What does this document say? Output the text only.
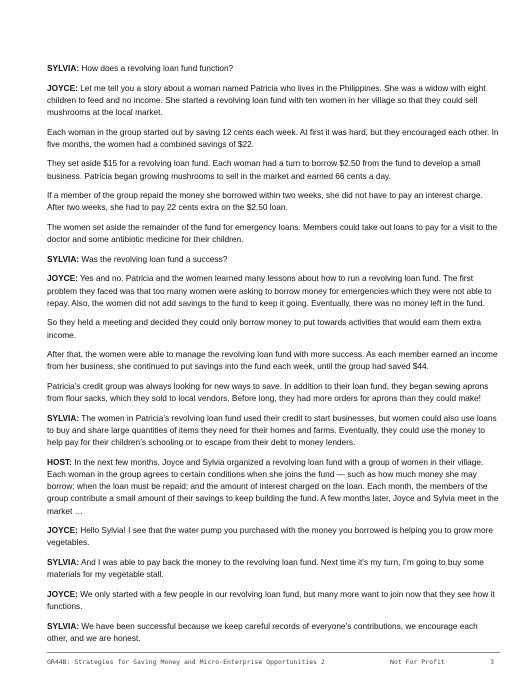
SYLVIA: How does a revolving loan fund function?

JOYCE: Let me tell you a story about a woman named Patricia who lives in the Philippines. She was a widow with eight children to feed and no income. She started a revolving loan fund with ten women in her village so that they could sell mushrooms at the local market.

Each woman in the group started out by saving 12 cents each week. At first it was hard, but they encouraged each other. In five months, the women had a combined savings of $22.

They set aside $15 for a revolving loan fund. Each woman had a turn to borrow $2.50 from the fund to develop a small business. Patricia began growing mushrooms to sell in the market and earned 66 cents a day.

If a member of the group repaid the money she borrowed within two weeks, she did not have to pay an interest charge. After two weeks, she had to pay 22 cents extra on the $2.50 loan.

The women set aside the remainder of the fund for emergency loans. Members could take out loans to pay for a visit to the doctor and some antibiotic medicine for their children.

SYLVIA: Was the revolving loan fund a success?

JOYCE: Yes and no. Patricia and the women learned many lessons about how to run a revolving loan fund. The first problem they faced was that too many women were asking to borrow money for emergencies which they were not able to repay. Also, the women did not add savings to the fund to keep it going. Eventually, there was no money left in the fund.

So they held a meeting and decided they could only borrow money to put towards activities that would earn them extra income.

After that, the women were able to manage the revolving loan fund with more success. As each member earned an income from her business, she continued to put savings into the fund each week, until the group had saved $44.

Patricia’s credit group was always looking for new ways to save. In addition to their loan fund, they began sewing aprons from flour sacks, which they sold to local vendors. Before long, they had more orders for aprons than they could make!

SYLVIA: The women in Patricia’s revolving loan fund used their credit to start businesses, but women could also use loans to buy and share large quantities of items they need for their homes and farms. Eventually, they could use the money to help pay for their children’s schooling or to escape from their debt to money lenders.

HOST: In the next few months, Joyce and Sylvia organized a revolving loan fund with a group of women in their village. Each woman in the group agrees to certain conditions when she joins the fund — such as how much money she may borrow; when the loan must be repaid; and the amount of interest charged on the loan. Each month, the members of the group contribute a small amount of their savings to keep building the fund. A few months later, Joyce and Sylvia meet in the market …

JOYCE: Hello Sylvia! I see that the water pump you purchased with the money you borrowed is helping you to grow more vegetables.

SYLVIA: And I was able to pay back the money to the revolving loan fund. Next time it’s my turn, I’m going to buy some materials for my vegetable stall.

JOYCE: We only started with a few people in our revolving loan fund, but many more want to join now that they see how it functions.

SYLVIA: We have been successful because we keep careful records of everyone’s contributions, we encourage each other, and we are honest.

GR44B: Strategies for Saving Money and Micro-Enterprise Opportunities 2	Not For Profit	3
